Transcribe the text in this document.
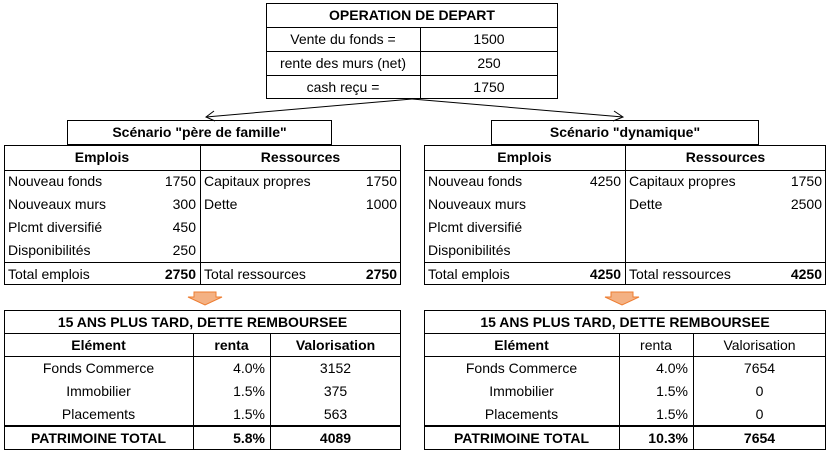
OPERATION DE DEPART
Vente du fonds =	1500
rente des murs (net)	250
cash reçu =	1750
Scénario "père de famille"
Emplois	Ressources
Nouveau fonds	1750
Nouveaux murs	300
Plcmt diversifié	450
Disponibilités	250
Capitaux propres	1750
Dette	1000
Total emplois	2750 Total ressources	2750
15 ANS PLUS TARD, DETTE REMBOURSEE
Elément	renta	Valorisation
Fonds Commerce	4.0%	3152
Immobilier	1.5%	375
Placements	1.5%	563
PATRIMOINE TOTAL	5.8%	4089
Scénario "dynamique"
Emplois	Ressources
Nouveau fonds	4250
Nouveaux murs
Plcmt diversifié
Disponibilités
Capitaux propres	1750
Dette	2500
Total emplois	4250 Total ressources	4250
15 ANS PLUS TARD, DETTE REMBOURSEE
Elément	renta	Valorisation
Fonds Commerce	4.0%	7654
Immobilier	1.5%	0
Placements	1.5%	0
PATRIMOINE TOTAL	10.3%	7654
